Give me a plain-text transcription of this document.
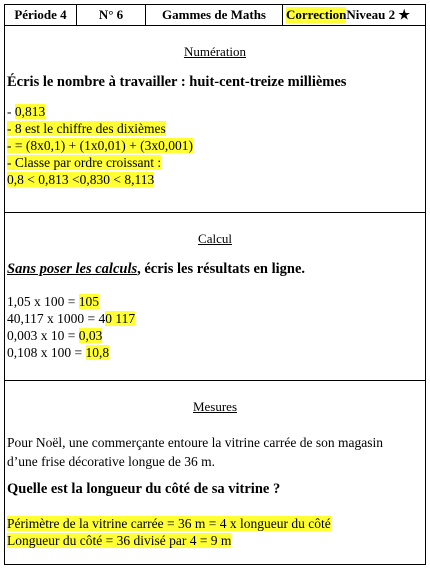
Période 4	N° 6	Gammes de Maths	Correction Niveau 2 ★
Numération
Écris le nombre à travailler : huit-cent-treize millièmes
- 0,813
- 8 est le chiffre des dixièmes
- = (8x0,1) + (1x0,01) + (3x0,001)
- Classe par ordre croissant :
0,8 < 0,813 <0,830 < 8,113
Calcul
Sans poser les calculs, écris les résultats en ligne.
1,05 x 100 = 105
40,117 x 1000 = 40 117
0,003 x 10 = 0,03
0,108 x 100 = 10,8
Mesures
Pour Noël, une commerçante entoure la vitrine carrée de son magasin d’une frise décorative longue de 36 m.
Quelle est la longueur du côté de sa vitrine ?
Périmètre de la vitrine carrée = 36 m = 4 x longueur du côté
Longueur du côté = 36 divisé par 4 = 9 m
